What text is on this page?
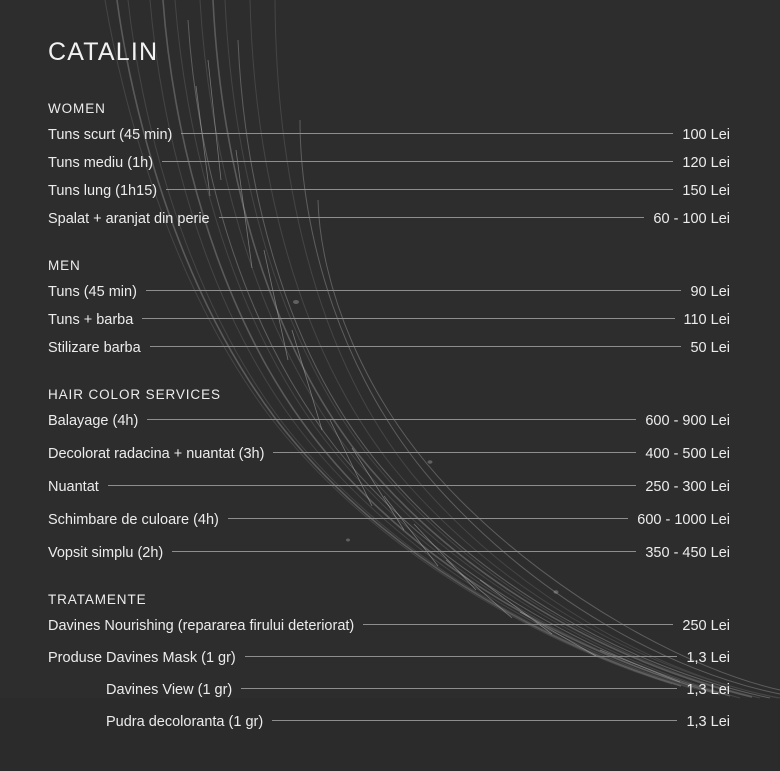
CATALIN
WOMEN
Tuns scurt (45 min)	100 Lei
Tuns mediu (1h)	120 Lei
Tuns lung (1h15)	150 Lei
Spalat + aranjat din perie	60 - 100 Lei
MEN
Tuns (45 min)	90 Lei
Tuns + barba	110 Lei
Stilizare barba	50 Lei
HAIR COLOR SERVICES
Balayage (4h)	600 - 900 Lei
Decolorat radacina + nuantat (3h)	400 - 500 Lei
Nuantat	250 - 300 Lei
Schimbare de culoare (4h)	600 - 1000 Lei
Vopsit simplu (2h)	350 - 450 Lei
TRATAMENTE
Davines Nourishing (repararea firului deteriorat)	250 Lei
Produse Davines Mask (1 gr)	1,3 Lei
Davines View (1 gr)	1,3 Lei
Pudra decoloranta (1 gr)	1,3 Lei
